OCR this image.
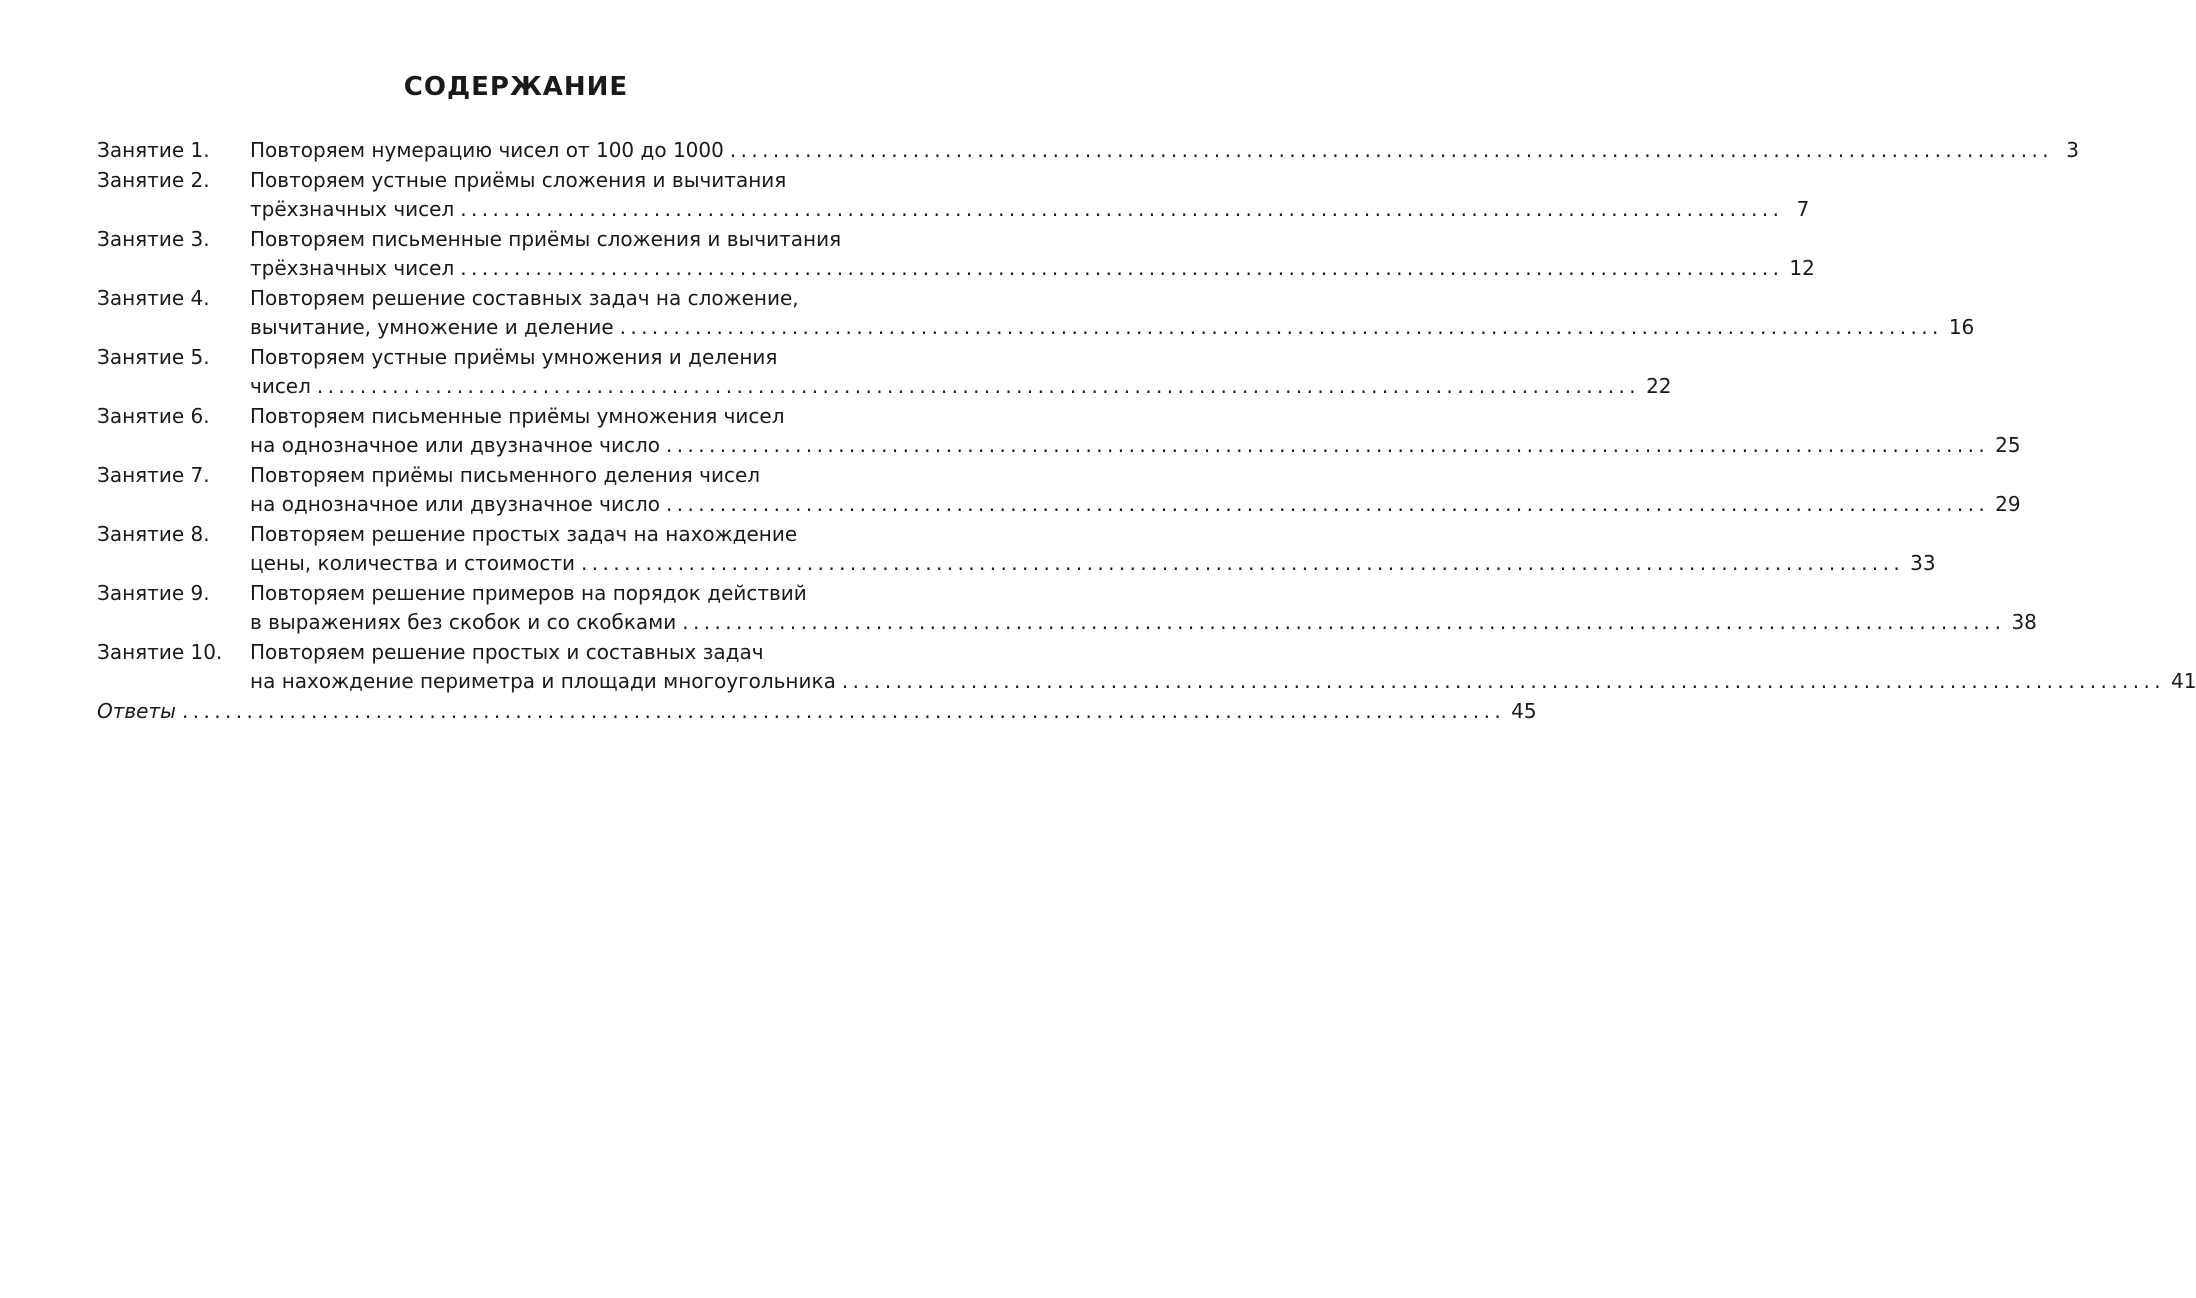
СОДЕРЖАНИЕ
Занятие 1.	Повторяем нумерацию чисел от 100 до 1000 ........................................................................................................................... 3
Занятие 2.	Повторяем устные приёмы сложения и вычитания
трёхзначных чисел ........................................................................................................................... 7
Занятие 3.	Повторяем письменные приёмы сложения и вычитания
трёхзначных чисел ........................................................................................................................... 12
Занятие 4.	Повторяем решение составных задач на сложение,
вычитание, умножение и деление ........................................................................................................................... 16
Занятие 5.	Повторяем устные приёмы умножения и деления
чисел ........................................................................................................................... 22
Занятие 6.	Повторяем письменные приёмы умножения чисел
на однозначное или двузначное число ........................................................................................................................... 25
Занятие 7.	Повторяем приёмы письменного деления чисел
на однозначное или двузначное число ........................................................................................................................... 29
Занятие 8.	Повторяем решение простых задач на нахождение
цены, количества и стоимости ........................................................................................................................... 33
Занятие 9.	Повторяем решение примеров на порядок действий
в выражениях без скобок и со скобками ........................................................................................................................... 38
Занятие 10.	Повторяем решение простых и составных задач
на нахождение периметра и площади многоугольника ........................................................................................................................... 41
Ответы ........................................................................................................................... 45
